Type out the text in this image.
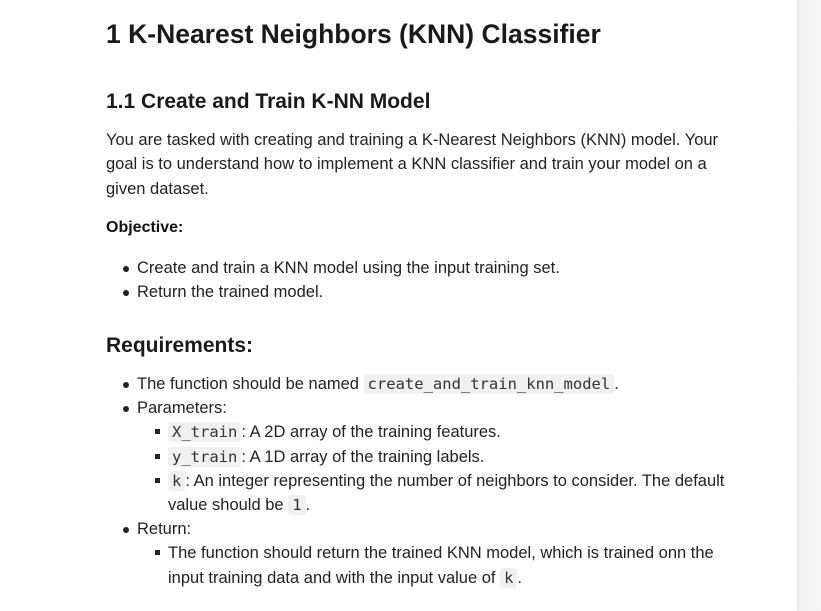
1 K-Nearest Neighbors (KNN) Classifier
1.1 Create and Train K-NN Model

You are tasked with creating and training a K-Nearest Neighbors (KNN) model. Your goal is to understand how to implement a KNN classifier and train your model on a given dataset.

Objective:
Create and train a KNN model using the input training set.
Return the trained model.
Requirements:
The function should be named create_and_train_knn_model .
Parameters:
X_train : A 2D array of the training features.
y_train : A 1D array of the training labels.
k : An integer representing the number of neighbors to consider. The default value should be 1 .
Return:
The function should return the trained KNN model, which is trained onn the input training data and with the input value of k .
